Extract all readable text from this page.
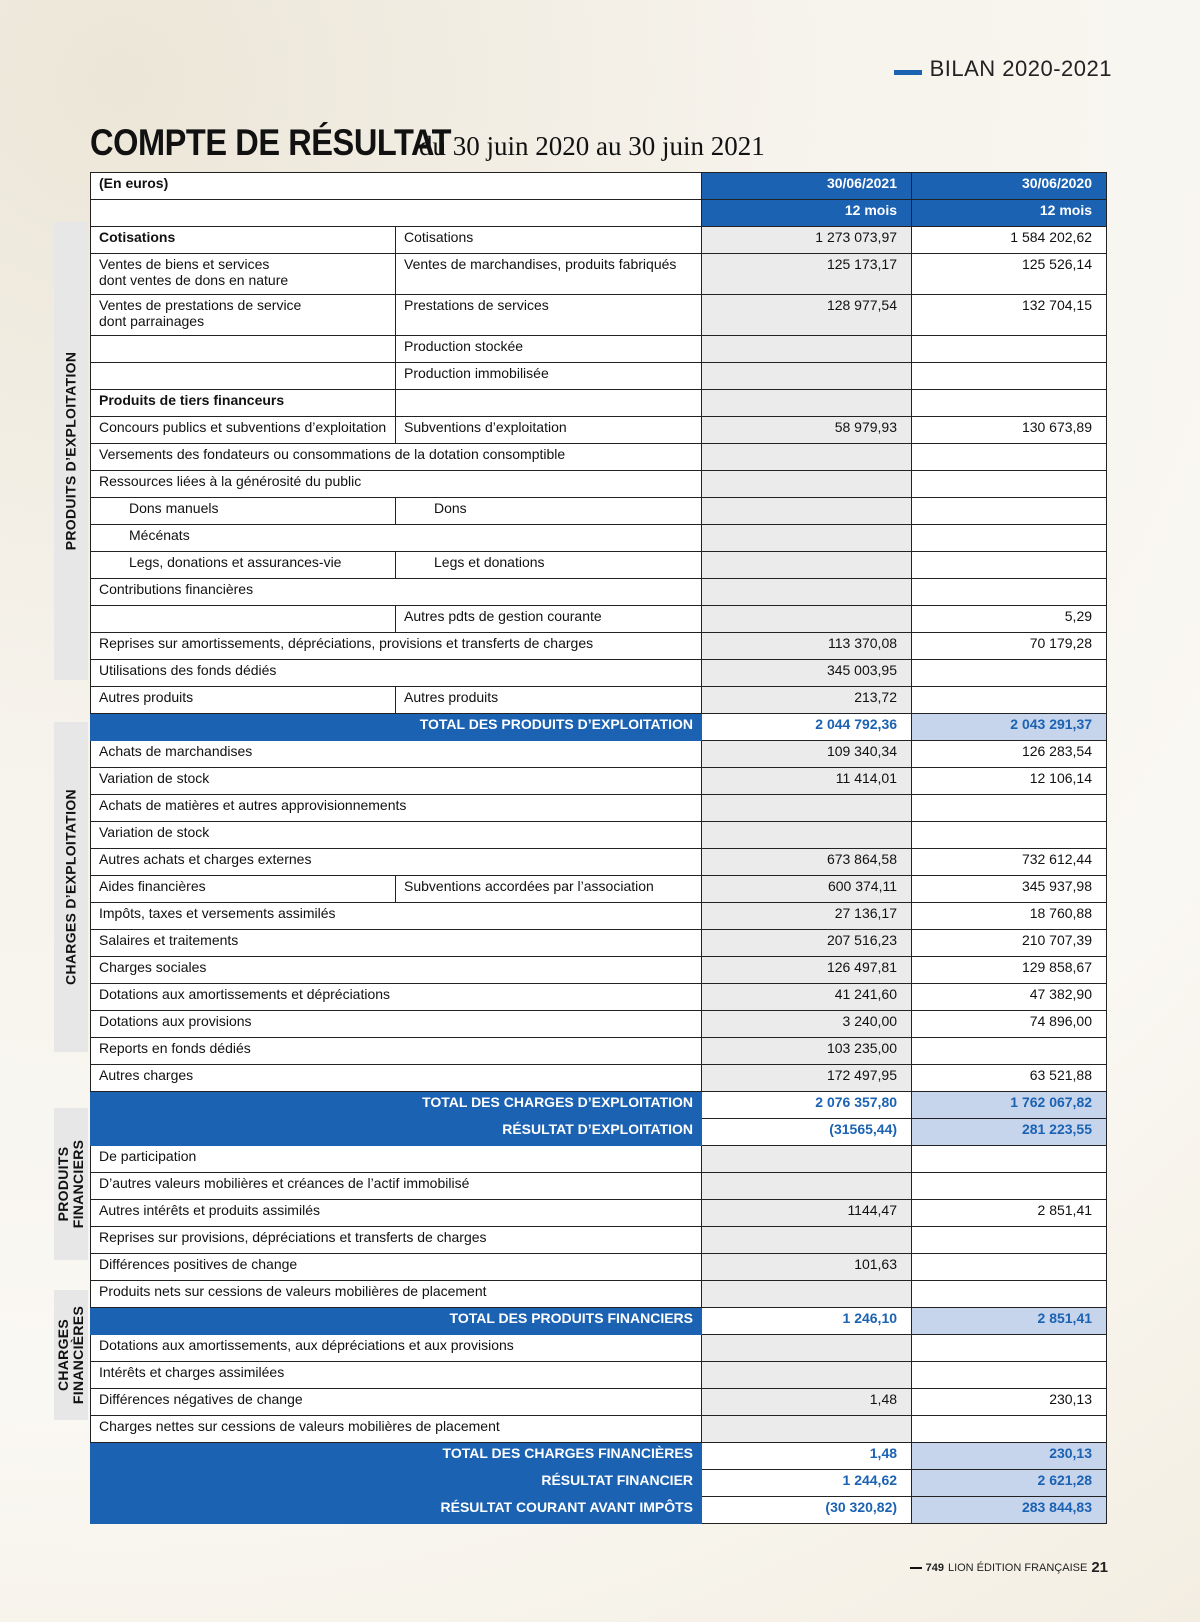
BILAN 2020-2021
COMPTE DE RÉSULTATdu 30 juin 2020 au 30 juin 2021
PRODUITS D’EXPLOITATION
CHARGES D’EXPLOITATION
PRODUITS
FINANCIERS
CHARGES
FINANCIÈRES
(En euros)		30/06/2021	30/06/2020
		12 mois	12 mois
Cotisations	Cotisations	1 273 073,97	1 584 202,62
Ventes de biens et services
dont ventes de dons en nature	Ventes de marchandises, produits fabriqués	125 173,17	125 526,14
Ventes de prestations de service
dont parrainages	Prestations de services	128 977,54	132 704,15
	Production stockée		
	Production immobilisée		
Produits de tiers financeurs			
Concours publics et subventions d’exploitation	Subventions d’exploitation	58 979,93	130 673,89
Versements des fondateurs ou consommations de la dotation consomptible			
Ressources liées à la générosité du public			
Dons manuels	Dons		
Mécénats			
Legs, donations et assurances-vie	Legs et donations		
Contributions financières			
	Autres pdts de gestion courante		5,29
Reprises sur amortissements, dépréciations, provisions et transferts de charges		113 370,08	70 179,28
Utilisations des fonds dédiés		345 003,95	
Autres produits	Autres produits	213,72	
TOTAL DES PRODUITS D’EXPLOITATION		2 044 792,36	2 043 291,37
Achats de marchandises		109 340,34	126 283,54
Variation de stock		11 414,01	12 106,14
Achats de matières et autres approvisionnements			
Variation de stock			
Autres achats et charges externes		673 864,58	732 612,44
Aides financières	Subventions accordées par l’association	600 374,11	345 937,98
Impôts, taxes et versements assimilés		27 136,17	18 760,88
Salaires et traitements		207 516,23	210 707,39
Charges sociales		126 497,81	129 858,67
Dotations aux amortissements et dépréciations		41 241,60	47 382,90
Dotations aux provisions		3 240,00	74 896,00
Reports en fonds dédiés		103 235,00	
Autres charges		172 497,95	63 521,88
TOTAL DES CHARGES D’EXPLOITATION		2 076 357,80	1 762 067,82
RÉSULTAT D’EXPLOITATION		(31565,44)	281 223,55
De participation			
D’autres valeurs mobilières et créances de l’actif immobilisé			
Autres intérêts et produits assimilés		1144,47	2 851,41
Reprises sur provisions, dépréciations et transferts de charges			
Différences positives de change		101,63	
Produits nets sur cessions de valeurs mobilières de placement			
TOTAL DES PRODUITS FINANCIERS		1 246,10	2 851,41
Dotations aux amortissements, aux dépréciations et aux provisions			
Intérêts et charges assimilées			
Différences négatives de change		1,48	230,13
Charges nettes sur cessions de valeurs mobilières de placement			
TOTAL DES CHARGES FINANCIÈRES		1,48	230,13
RÉSULTAT FINANCIER		1 244,62	2 621,28
RÉSULTAT COURANT AVANT IMPÔTS		(30 320,82)	283 844,83
749 LION ÉDITION FRANÇAISE 21
